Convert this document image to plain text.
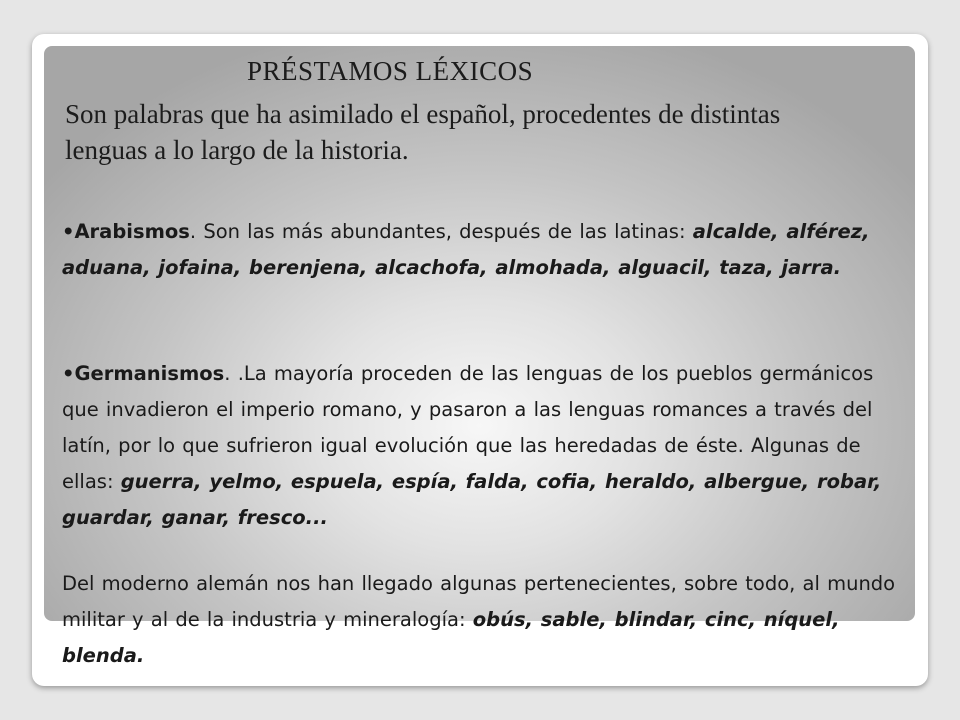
PRÉSTAMOS LÉXICOS

Son palabras que ha asimilado el español, procedentes de distintas lenguas a lo largo de la historia.

•Arabismos. Son las más abundantes, después de las latinas: alcalde, alférez, aduana, jofaina, berenjena, alcachofa, almohada, alguacil, taza, jarra.

•Germanismos. .La mayoría proceden de las lenguas de los pueblos germánicos que invadieron el imperio romano, y pasaron a las lenguas romances a través del latín, por lo que sufrieron igual evolución que las heredadas de éste. Algunas de ellas: guerra, yelmo, espuela, espía, falda, cofia, heraldo, albergue, robar, guardar, ganar, fresco...

Del moderno alemán nos han llegado algunas pertenecientes, sobre todo, al mundo militar y al de la industria y mineralogía: obús, sable, blindar, cinc, níquel, blenda.
